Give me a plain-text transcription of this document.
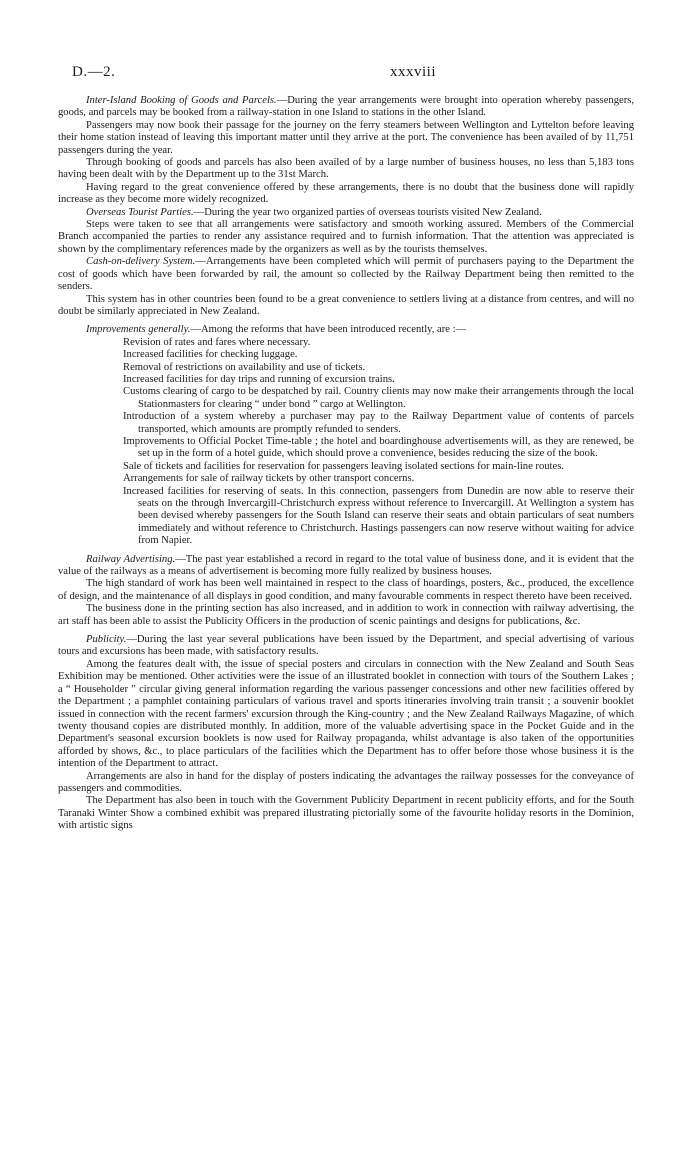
D.—2.	xxxviii

Inter-Island Booking of Goods and Parcels.—During the year arrangements were brought into operation whereby passengers, goods, and parcels may be booked from a railway-station in one Island to stations in the other Island.

Passengers may now book their passage for the journey on the ferry steamers between Wellington and Lyttelton before leaving their home station instead of leaving this important matter until they arrive at the port. The convenience has been availed of by 11,751 passengers during the year.

Through booking of goods and parcels has also been availed of by a large number of business houses, no less than 5,183 tons having been dealt with by the Department up to the 31st March.

Having regard to the great convenience offered by these arrangements, there is no doubt that the business done will rapidly increase as they become more widely recognized.

Overseas Tourist Parties.—During the year two organized parties of overseas tourists visited New Zealand.

Steps were taken to see that all arrangements were satisfactory and smooth working assured. Members of the Commercial Branch accompanied the parties to render any assistance required and to furnish information. That the attention was appreciated is shown by the complimentary references made by the organizers as well as by the tourists themselves.

Cash-on-delivery System.—Arrangements have been completed which will permit of purchasers paying to the Department the cost of goods which have been forwarded by rail, the amount so collected by the Railway Department being then remitted to the senders.

This system has in other countries been found to be a great convenience to settlers living at a distance from centres, and will no doubt be similarly appreciated in New Zealand.

Improvements generally.—Among the reforms that have been introduced recently, are :—

Revision of rates and fares where necessary.
Increased facilities for checking luggage.
Removal of restrictions on availability and use of tickets.
Increased facilities for day trips and running of excursion trains.
Customs clearing of cargo to be despatched by rail. Country clients may now make their arrangements through the local Stationmasters for clearing “ under bond ” cargo at Wellington.
Introduction of a system whereby a purchaser may pay to the Railway Department value of contents of parcels transported, which amounts are promptly refunded to senders.
Improvements to Official Pocket Time-table ; the hotel and boardinghouse advertisements will, as they are renewed, be set up in the form of a hotel guide, which should prove a convenience, besides reducing the size of the book.
Sale of tickets and facilities for reservation for passengers leaving isolated sections for main-line routes.
Arrangements for sale of railway tickets by other transport concerns.
Increased facilities for reserving of seats. In this connection, passengers from Dunedin are now able to reserve their seats on the through Invercargill-Christchurch express without reference to Invercargill. At Wellington a system has been devised whereby passengers for the South Island can reserve their seats and obtain particulars of seat numbers immediately and without reference to Christchurch. Hastings passengers can now reserve without waiting for advice from Napier.

Railway Advertising.—The past year established a record in regard to the total value of business done, and it is evident that the value of the railways as a means of advertisement is becoming more fully realized by business houses.

The high standard of work has been well maintained in respect to the class of hoardings, posters, &c., produced, the excellence of design, and the maintenance of all displays in good condition, and many favourable comments in respect thereto have been received.

The business done in the printing section has also increased, and in addition to work in connection with railway advertising, the art staff has been able to assist the Publicity Officers in the production of scenic paintings and designs for publications, &c.

Publicity.—During the last year several publications have been issued by the Department, and special advertising of various tours and excursions has been made, with satisfactory results.

Among the features dealt with, the issue of special posters and circulars in connection with the New Zealand and South Seas Exhibition may be mentioned. Other activities were the issue of an illustrated booklet in connection with tours of the Southern Lakes ; a “ Householder ” circular giving general information regarding the various passenger concessions and other new facilities offered by the Department ; a pamphlet containing particulars of various travel and sports itineraries involving train transit ; a souvenir booklet issued in connection with the recent farmers' excursion through the King-country ; and the New Zealand Railways Magazine, of which twenty thousand copies are distributed monthly. In addition, more of the valuable advertising space in the Pocket Guide and in the Department's seasonal excursion booklets is now used for Railway propaganda, whilst advantage is also taken of the opportunities afforded by shows, &c., to place particulars of the facilities which the Department has to offer before those whose business it is the intention of the Department to attract.

Arrangements are also in hand for the display of posters indicating the advantages the railway possesses for the conveyance of passengers and commodities.

The Department has also been in touch with the Government Publicity Department in recent publicity efforts, and for the South Taranaki Winter Show a combined exhibit was prepared illustrating pictorially some of the favourite holiday resorts in the Dominion, with artistic signs
